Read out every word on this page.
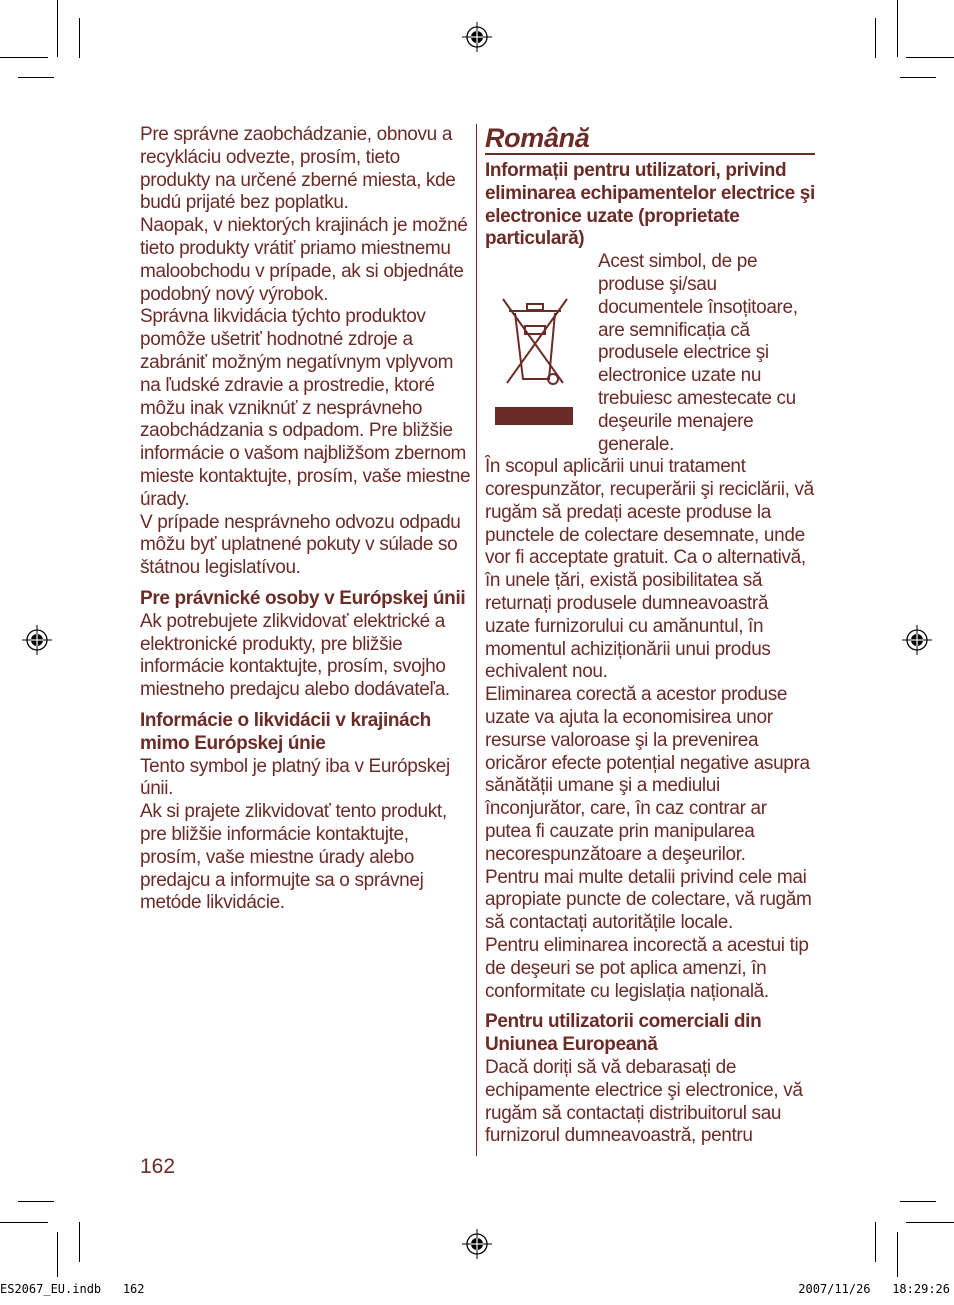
Pre správne zaobchádzanie, obnovu a recykláciu odvezte, prosím, tieto produkty na určené zberné miesta, kde budú prijaté bez poplatku.

Naopak, v niektorých krajinách je možné tieto produkty vrátiť priamo miestnemu maloobchodu v prípade, ak si objednáte podobný nový výrobok.

Správna likvidácia týchto produktov pomôže ušetriť hodnotné zdroje a zabrániť možným negatívnym vplyvom na ľudské zdravie a prostredie, ktoré môžu inak vzniknúť z nesprávneho zaobchádzania s odpadom. Pre bližšie informácie o vašom najbližšom zbernom mieste kontaktujte, prosím, vaše miestne úrady.

V prípade nesprávneho odvozu odpadu môžu byť uplatnené pokuty v súlade so štátnou legislatívou.

Pre právnické osoby v Európskej únii

Ak potrebujete zlikvidovať elektrické a elektronické produkty, pre bližšie informácie kontaktujte, prosím, svojho miestneho predajcu alebo dodávateľa.

Informácie o likvidácii v krajinách mimo Európskej únie

Tento symbol je platný iba v Európskej únii.

Ak si prajete zlikvidovať tento produkt, pre bližšie informácie kontaktujte, prosím, vaše miestne úrady alebo predajcu a informujte sa o správnej metóde likvidácie.

Română

Informații pentru utilizatori, privind eliminarea echipamentelor electrice şi electronice uzate (proprietate particulară)

Acest simbol, de pe produse şi/sau documentele însoțitoare, are semnificația că produsele electrice şi electronice uzate nu trebuiesc amestecate cu deşeurile menajere generale.

În scopul aplicării unui tratament corespunzător, recuperării şi reciclării, vă rugăm să predați aceste produse la punctele de colectare desemnate, unde vor fi acceptate gratuit. Ca o alternativă, în unele țări, există posibilitatea să returnați produsele dumneavoastră uzate furnizorului cu amănuntul, în momentul achiziționării unui produs echivalent nou.

Eliminarea corectă a acestor produse uzate va ajuta la economisirea unor resurse valoroase şi la prevenirea oricăror efecte potențial negative asupra sănătății umane şi a mediului înconjurător, care, în caz contrar ar putea fi cauzate prin manipularea necorespunzătoare a deşeurilor.

Pentru mai multe detalii privind cele mai apropiate puncte de colectare, vă rugăm să contactați autoritățile locale.

Pentru eliminarea incorectă a acestui tip de deşeuri se pot aplica amenzi, în conformitate cu legislația națională.

Pentru utilizatorii comerciali din Uniunea Europeană

Dacă doriți să vă debarasați de echipamente electrice şi electronice, vă rugăm să contactați distribuitorul sau furnizorul dumneavoastră, pentru

162
ES2067_EU.indb   162	2007/11/26   18:29:26
